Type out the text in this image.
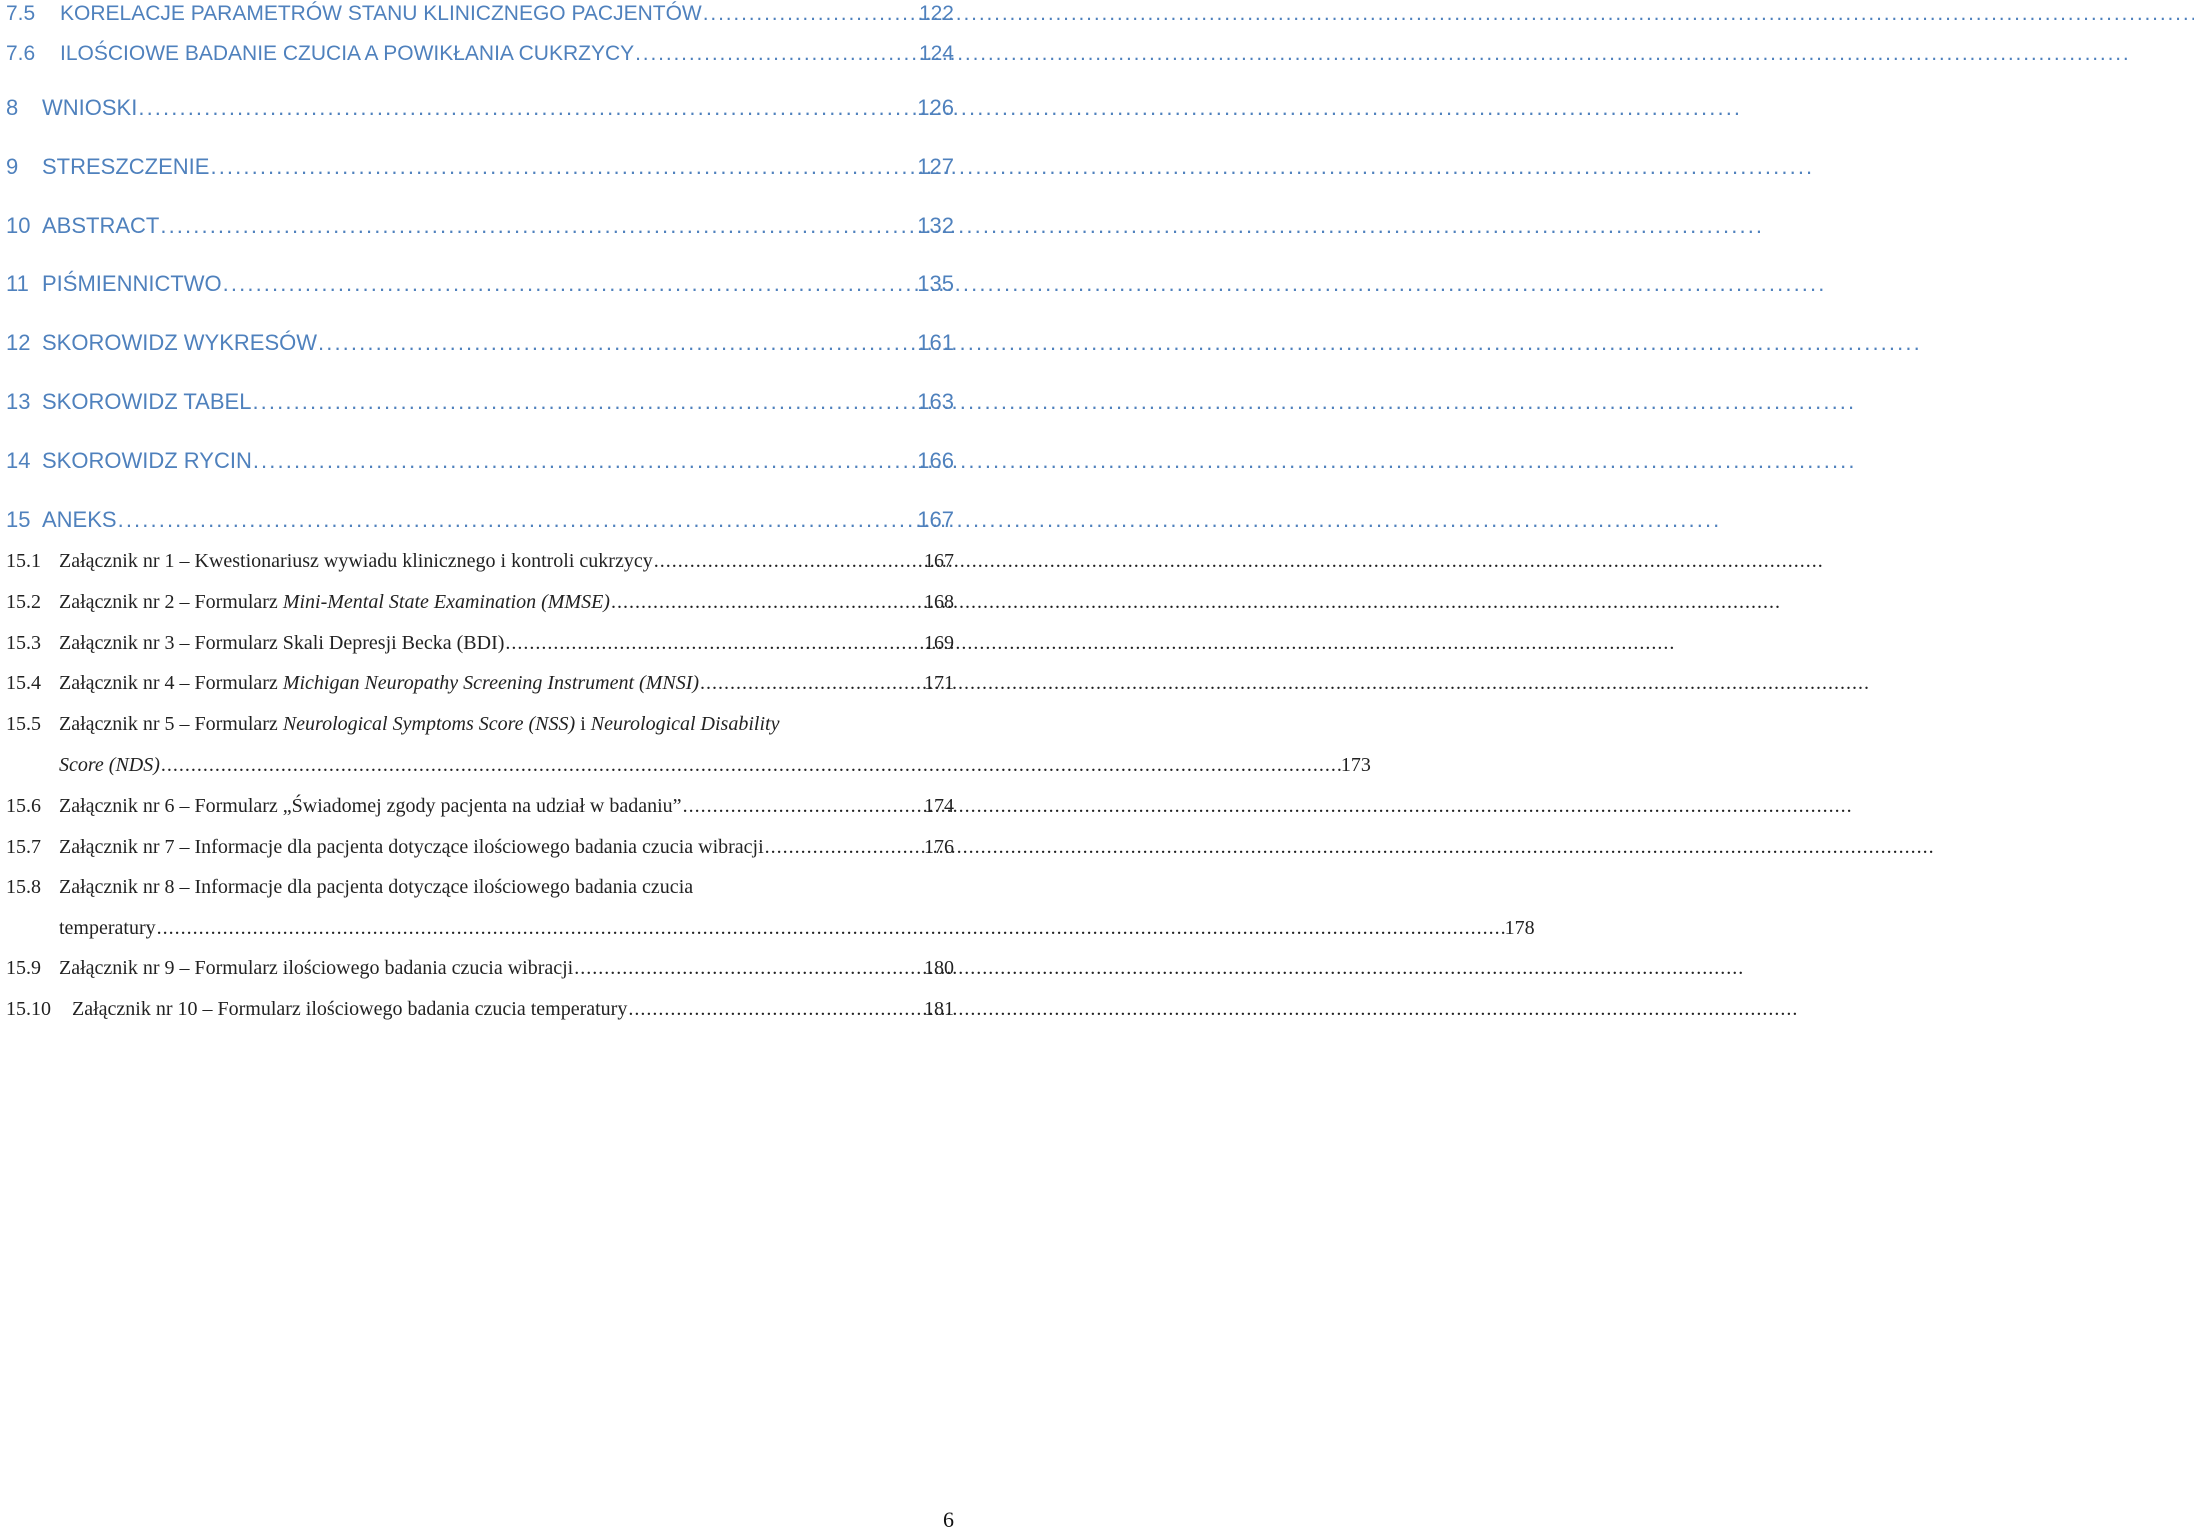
7.5	KORELACJE PARAMETRÓW STANU KLINICZNEGO PACJENTÓW . . .	122
7.6	ILOŚCIOWE BADANIE CZUCIA A POWIKŁANIA CUKRZYCY . . .	124
8	WNIOSKI . . .	126
9	STRESZCZENIE . . .	127
10 ABSTRACT . . .	132
11 PIŚMIENNICTWO . . .	135
12 SKOROWIDZ WYKRESÓW . . .	161
13 SKOROWIDZ TABEL . . .	163
14 SKOROWIDZ RYCIN . . .	166
15 ANEKS . . .	167
15.1 Załącznik nr 1 – Kwestionariusz wywiadu klinicznego i kontroli cukrzycy . . .	167
15.2 Załącznik nr 2 – Formularz Mini-Mental State Examination (MMSE) . . .	168
15.3 Załącznik nr 3 – Formularz Skali Depresji Becka (BDI) . . .	169
15.4 Załącznik nr 4 – Formularz Michigan Neuropathy Screening Instrument (MNSI) . . .	171
15.5 Załącznik nr 5 – Formularz Neurological Symptoms Score (NSS) i Neurological Disability
Score (NDS) . . . . . . . . . . . . . . . . . . . . . . . . . . . . . . . . . . . . . . . . . . . . . . . . . . . . . . . . . . . . . . . . . . . . . . . . . . . . . . . . . . . . . . . . . . . . . . . . . . . . . . . . . . . . . . . . . . . . . . . . . . . . . . . . . . . . . . . . . . . . . . . . . . . . . . . . . . . . . . . . . . . . . . . . . . . . . . . . . . . . . . . . . . . . . . . . . . . . . 173
15.6 Załącznik nr 6 – Formularz „Świadomej zgody pacjenta na udział w badaniu” . . .	174
15.7 Załącznik nr 7 – Informacje dla pacjenta dotyczące ilościowego badania czucia wibracji . . .	176
15.8 Załącznik nr 8 – Informacje dla pacjenta dotyczące ilościowego badania czucia
temperatury . . . . . . . . . . . . . . . . . . . . . . . . . . . . . . . . . . . . . . . . . . . . . . . . . . . . . . . . . . . . . . . . . . . . . . . . . . . . . . . . . . . . . . . . . . . . . . . . . . . . . . . . . . . . . . . . . . . . . . . . . . . . . . . . . . . . . . . . . . . . . . . . . . . . . . . . . . . . . . . . . . . . . . . . . . . . . . . . . . . . . . . . . . . . . . . . . . . . . . . . . . . . . . . . . . . . . . . . . . . . . . . . . 178
15.9 Załącznik nr 9 – Formularz ilościowego badania czucia wibracji . . .	180
15.10	Załącznik nr 10 – Formularz ilościowego badania czucia temperatury . . .	181
6
